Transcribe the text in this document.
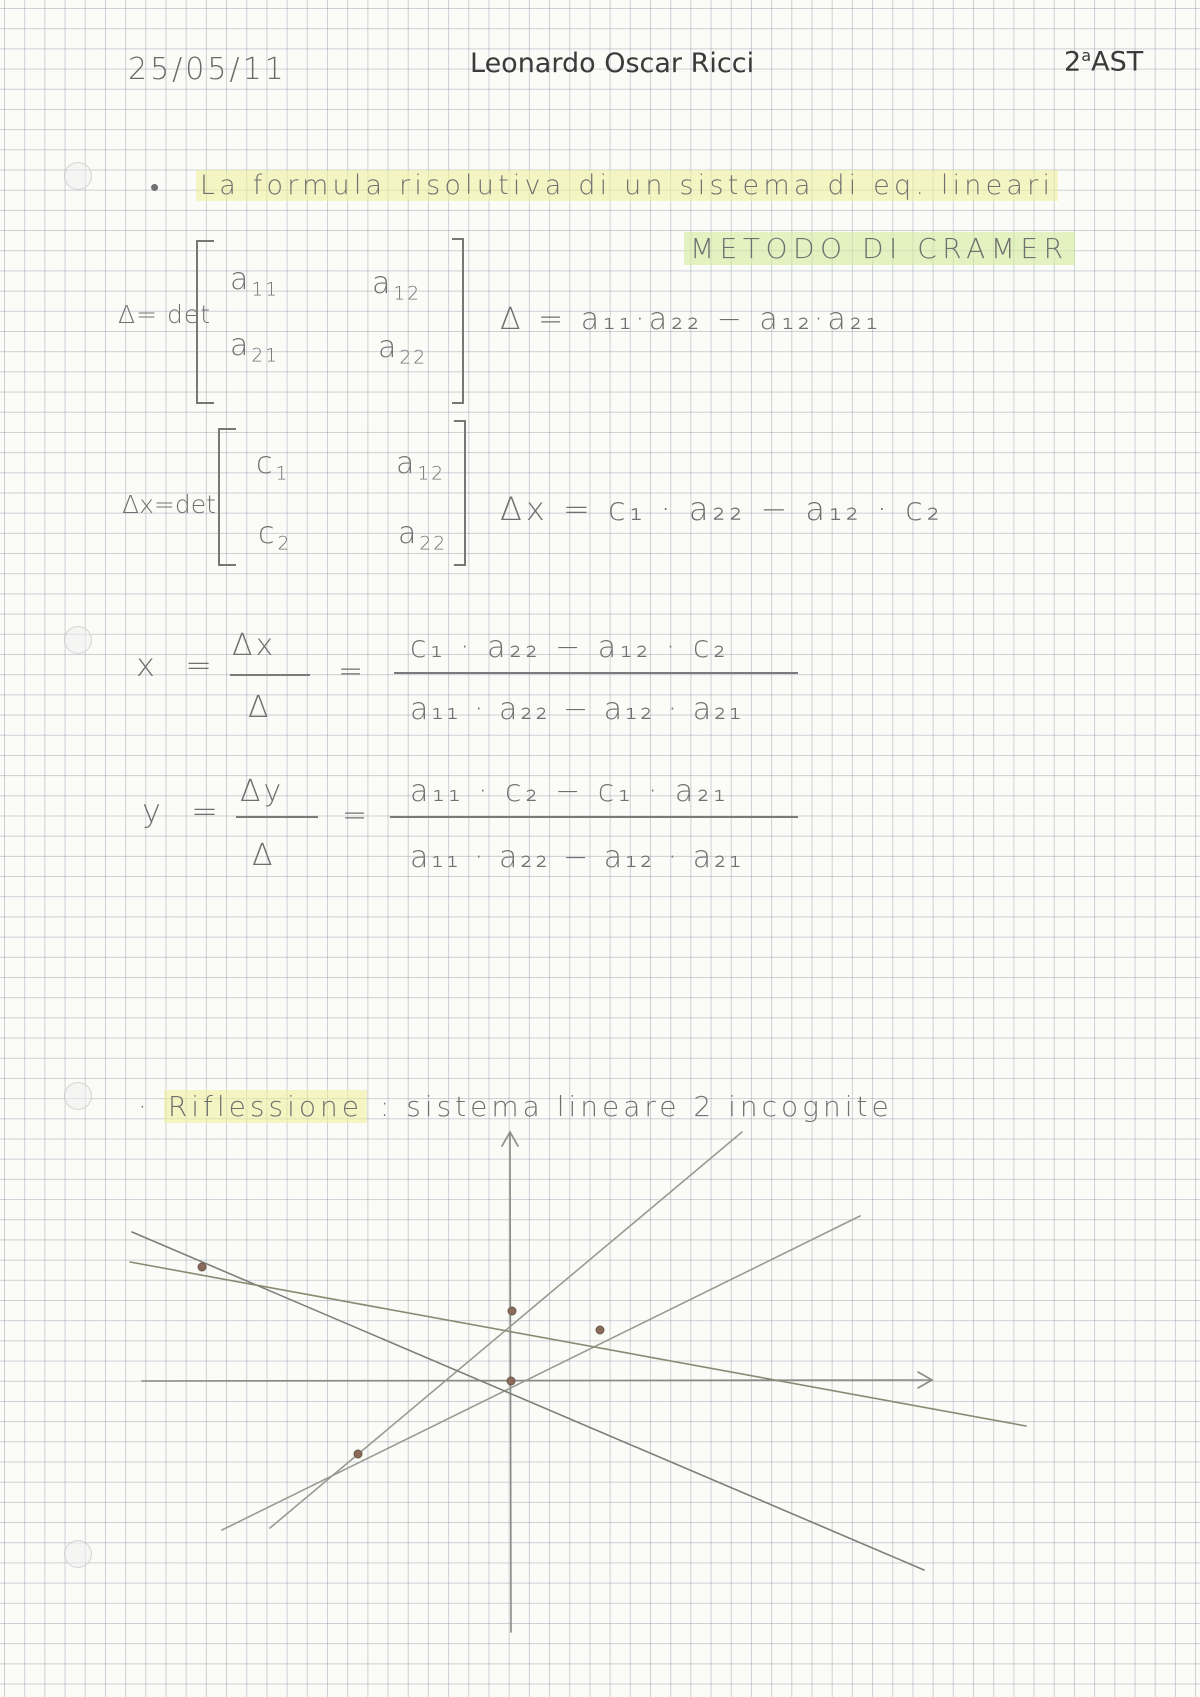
25/05/11	Leonardo Oscar Ricci	2$^a$AST
• La formula risolutiva di un sistema di eq. lineari
METODO DI CRAMER
Δ= det
$a_{11}$	$a_{12}$
$a_{21}$	$a_{22}$
Δ = a₁₁·a₂₂ − a₁₂·a₂₁
Δx=det
$c_1$	$a_{12}$
$c_2$	$a_{22}$
Δx = c₁ · a₂₂ − a₁₂ · c₂
x =
Δx
Δ
=
c₁ · a₂₂ − a₁₂ · c₂
a₁₁ · a₂₂ − a₁₂ · a₂₁
y =
Δy
Δ
=
a₁₁ · c₂ − c₁ · a₂₁
a₁₁ · a₂₂ − a₁₂ · a₂₁
· Riflessione : sistema lineare 2 incognite
